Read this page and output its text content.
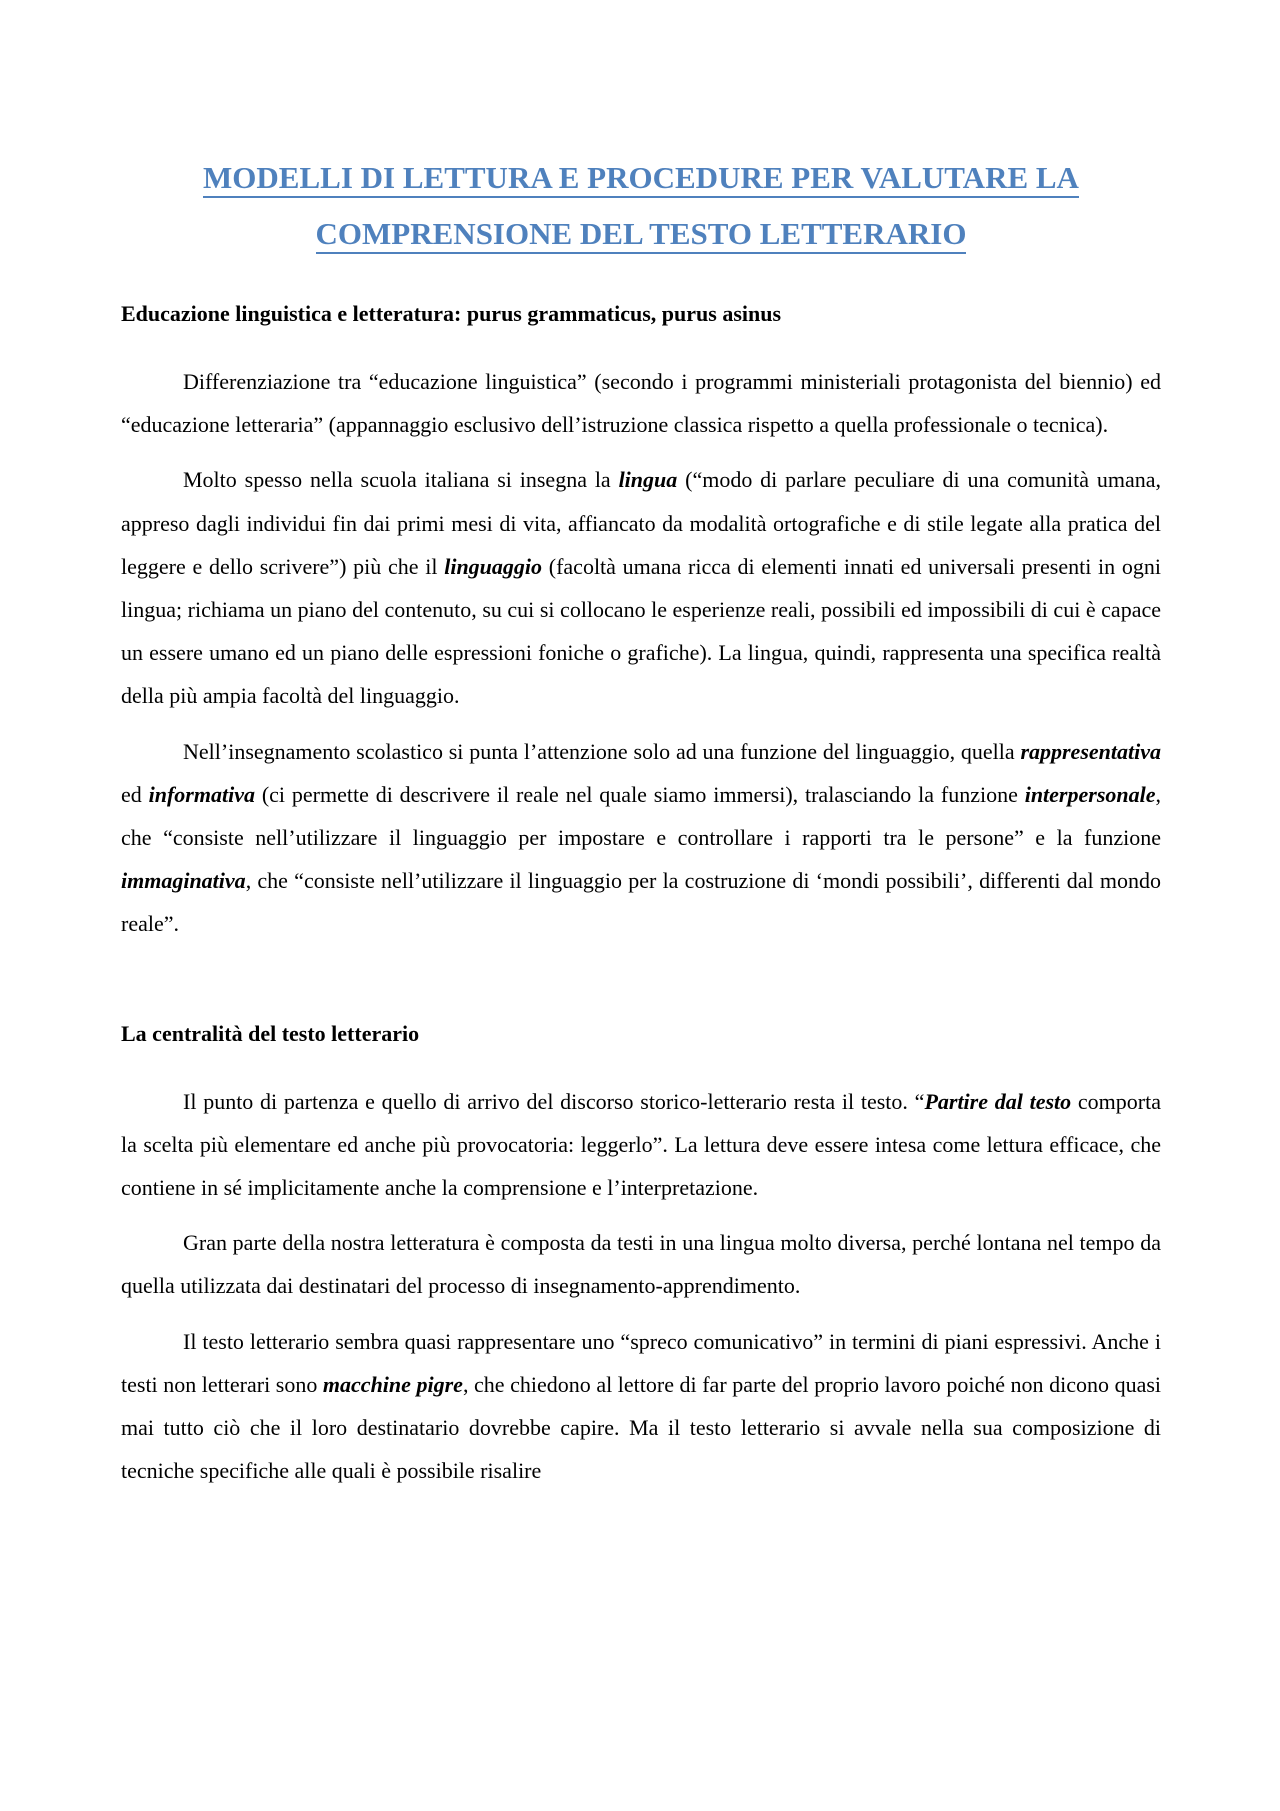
MODELLI DI LETTURA E PROCEDURE PER VALUTARE LA
COMPRENSIONE DEL TESTO LETTERARIO
Educazione linguistica e letteratura: purus grammaticus, purus asinus

Differenziazione tra “educazione linguistica” (secondo i programmi ministeriali protagonista del biennio) ed “educazione letteraria” (appannaggio esclusivo dell’istruzione classica rispetto a quella professionale o tecnica).

Molto spesso nella scuola italiana si insegna la lingua (“modo di parlare peculiare di una comunità umana, appreso dagli individui fin dai primi mesi di vita, affiancato da modalità ortografiche e di stile legate alla pratica del leggere e dello scrivere”) più che il linguaggio (facoltà umana ricca di elementi innati ed universali presenti in ogni lingua; richiama un piano del contenuto, su cui si collocano le esperienze reali, possibili ed impossibili di cui è capace un essere umano ed un piano delle espressioni foniche o grafiche). La lingua, quindi, rappresenta una specifica realtà della più ampia facoltà del linguaggio.

Nell’insegnamento scolastico si punta l’attenzione solo ad una funzione del linguaggio, quella rappresentativa ed informativa (ci permette di descrivere il reale nel quale siamo immersi), tralasciando la funzione interpersonale, che “consiste nell’utilizzare il linguaggio per impostare e controllare i rapporti tra le persone” e la funzione immaginativa, che “consiste nell’utilizzare il linguaggio per la costruzione di ‘mondi possibili’, differenti dal mondo reale”.

La centralità del testo letterario

Il punto di partenza e quello di arrivo del discorso storico-letterario resta il testo. “Partire dal testo comporta la scelta più elementare ed anche più provocatoria: leggerlo”. La lettura deve essere intesa come lettura efficace, che contiene in sé implicitamente anche la comprensione e l’interpretazione.

Gran parte della nostra letteratura è composta da testi in una lingua molto diversa, perché lontana nel tempo da quella utilizzata dai destinatari del processo di insegnamento-apprendimento.

Il testo letterario sembra quasi rappresentare uno “spreco comunicativo” in termini di piani espressivi. Anche i testi non letterari sono macchine pigre, che chiedono al lettore di far parte del proprio lavoro poiché non dicono quasi mai tutto ciò che il loro destinatario dovrebbe capire. Ma il testo letterario si avvale nella sua composizione di tecniche specifiche alle quali è possibile risalire
